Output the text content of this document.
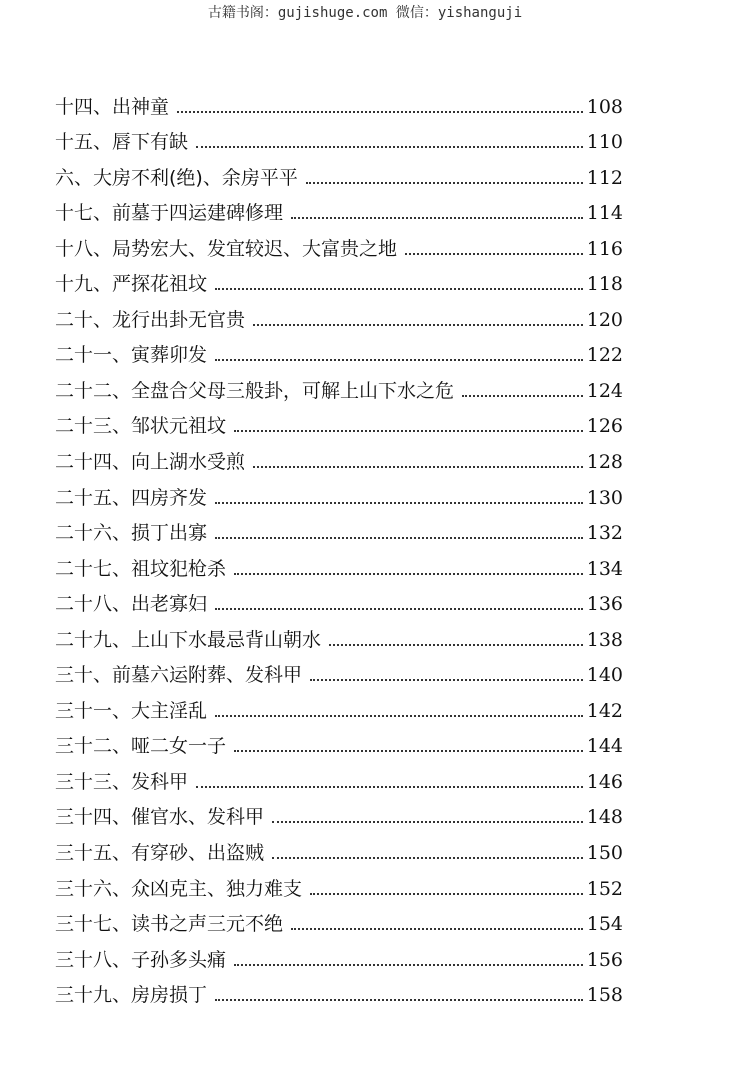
古籍书阁：gujishuge.com 微信：yishanguji
十四、出神童	108
十五、唇下有缺	110
六、大房不利(绝)、余房平平	112
十七、前墓于四运建碑修理	114
十八、局势宏大、发宜较迟、大富贵之地	116
十九、严探花祖坟	118
二十、龙行出卦无官贵	120
二十一、寅葬卯发	122
二十二、全盘合父母三般卦，可解上山下水之危	124
二十三、邹状元祖坟	126
二十四、向上湖水受煎	128
二十五、四房齐发	130
二十六、损丁出寡	132
二十七、祖坟犯枪杀	134
二十八、出老寡妇	136
二十九、上山下水最忌背山朝水	138
三十、前墓六运附葬、发科甲	140
三十一、大主淫乱	142
三十二、哑二女一子	144
三十三、发科甲	146
三十四、催官水、发科甲	148
三十五、有穿砂、出盗贼	150
三十六、众凶克主、独力难支	152
三十七、读书之声三元不绝	154
三十八、子孙多头痛	156
三十九、房房损丁	158
